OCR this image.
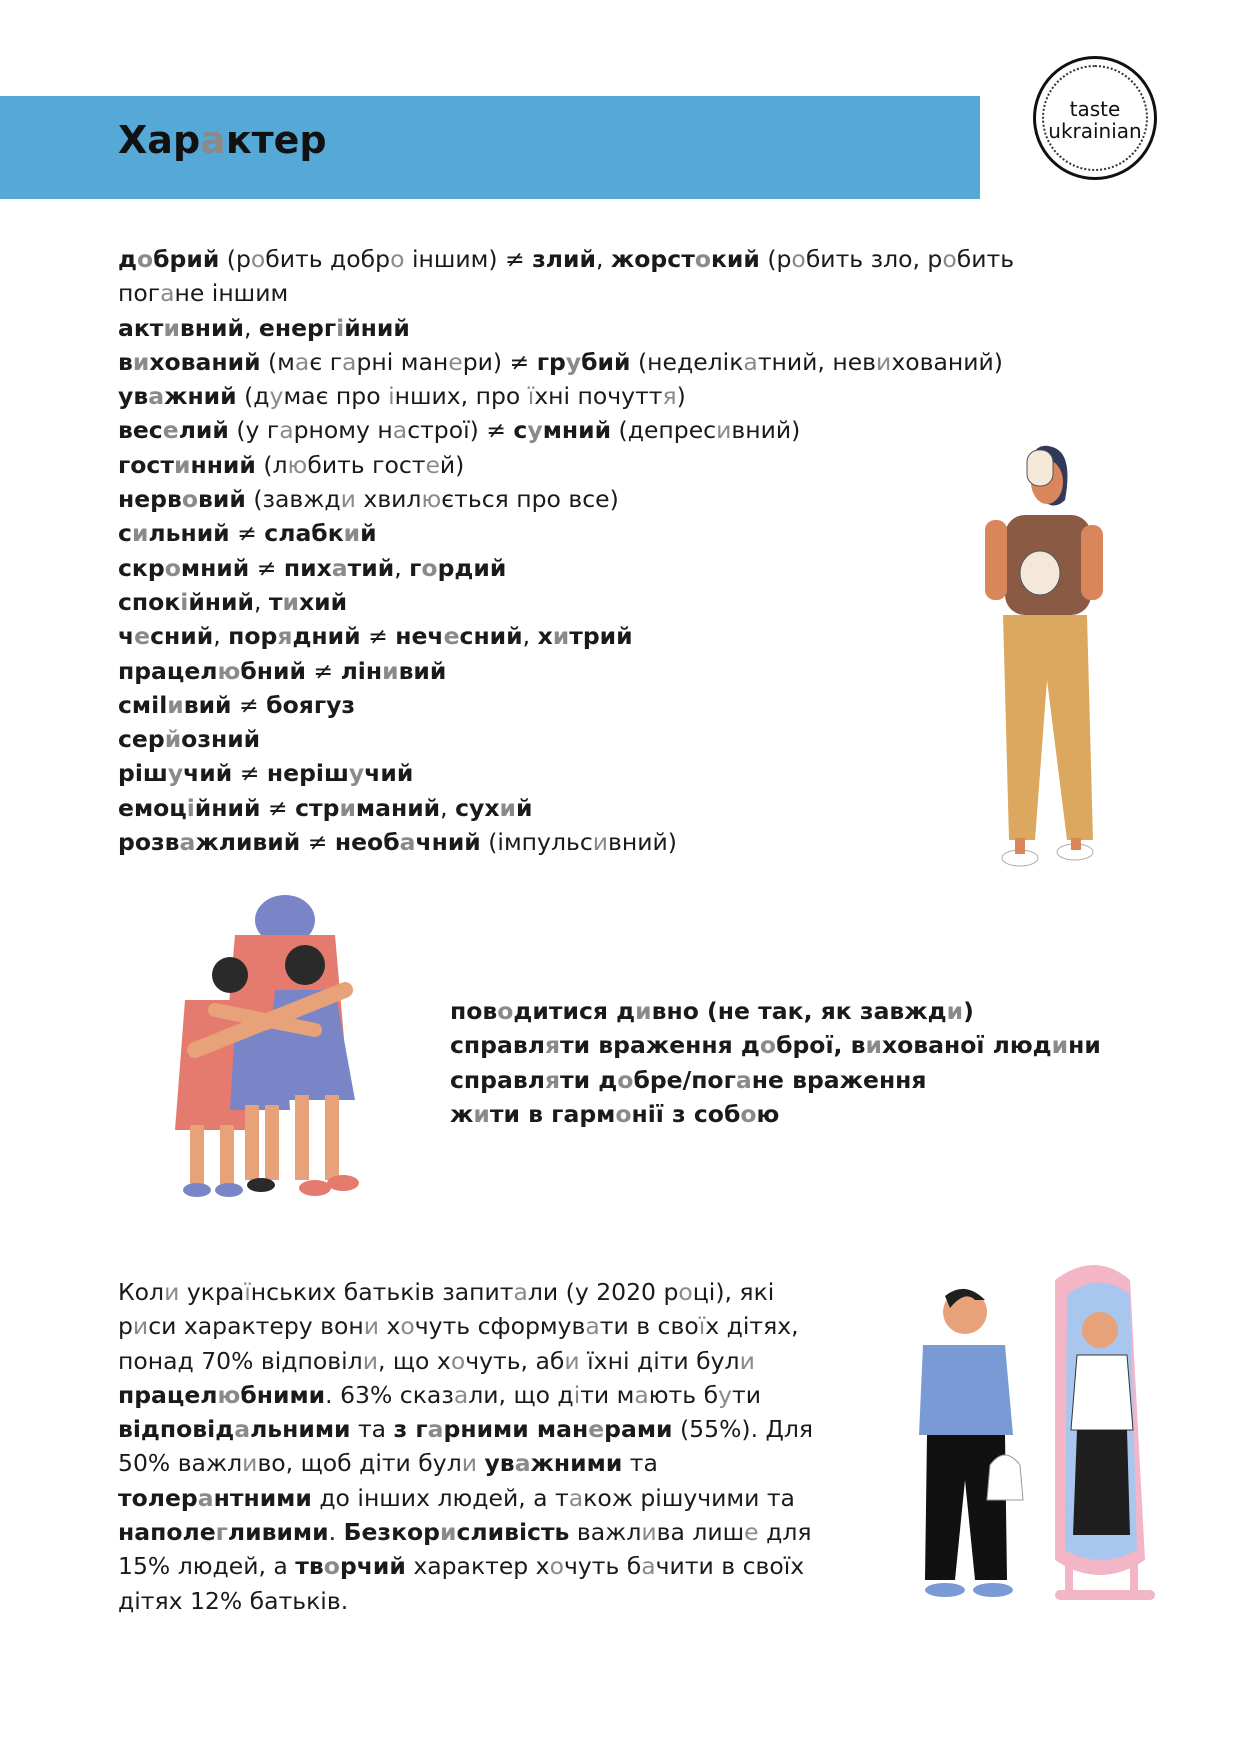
Характер
taste
ukrainian
добрий (робить добро іншим) ≠ злий, жорстокий (робить зло, робить погане іншим
активний, енергійний
вихований (має гарні манери) ≠ грубий (неделікатний, невихований)
уважний (думає про інших, про їхні почуття)
веселий (у гарному настрої) ≠ сумний (депресивний)
гостинний (любить гостей)
нервовий (завжди хвилюється про все)
сильний ≠ слабкий
скромний ≠ пихатий, гордий
спокійний, тихий
чесний, порядний ≠ нечесний, хитрий
працелюбний ≠ лінивий
смilивий ≠ боягуз
серйозний
рішучий ≠ нерiшучий
емоційний ≠ стриманий, сухий
розважливий ≠ необачний (імпульсивний)
поводитися дивно (не так, як завжди)
справляти враження доброї, вихованої людини
справляти добре/погане враження
жити в гармонії з собою
Коли українських батьків запитали (у 2020 році), які риси характеру вони хочуть сформувати в своїх дітях, понад 70% відповіли, що хочуть, аби їхні діти були працелюбними. 63% сказали, що діти мають бути відповідальними та з гарними манерами (55%). Для 50% важливо, щоб діти були уважними та толерантними до інших людей, а також рішучими та наполегливими. Безкорисливість важлива лише для 15% людей, а творчий характер хочуть бачити в своїх дітях 12% батьків.
